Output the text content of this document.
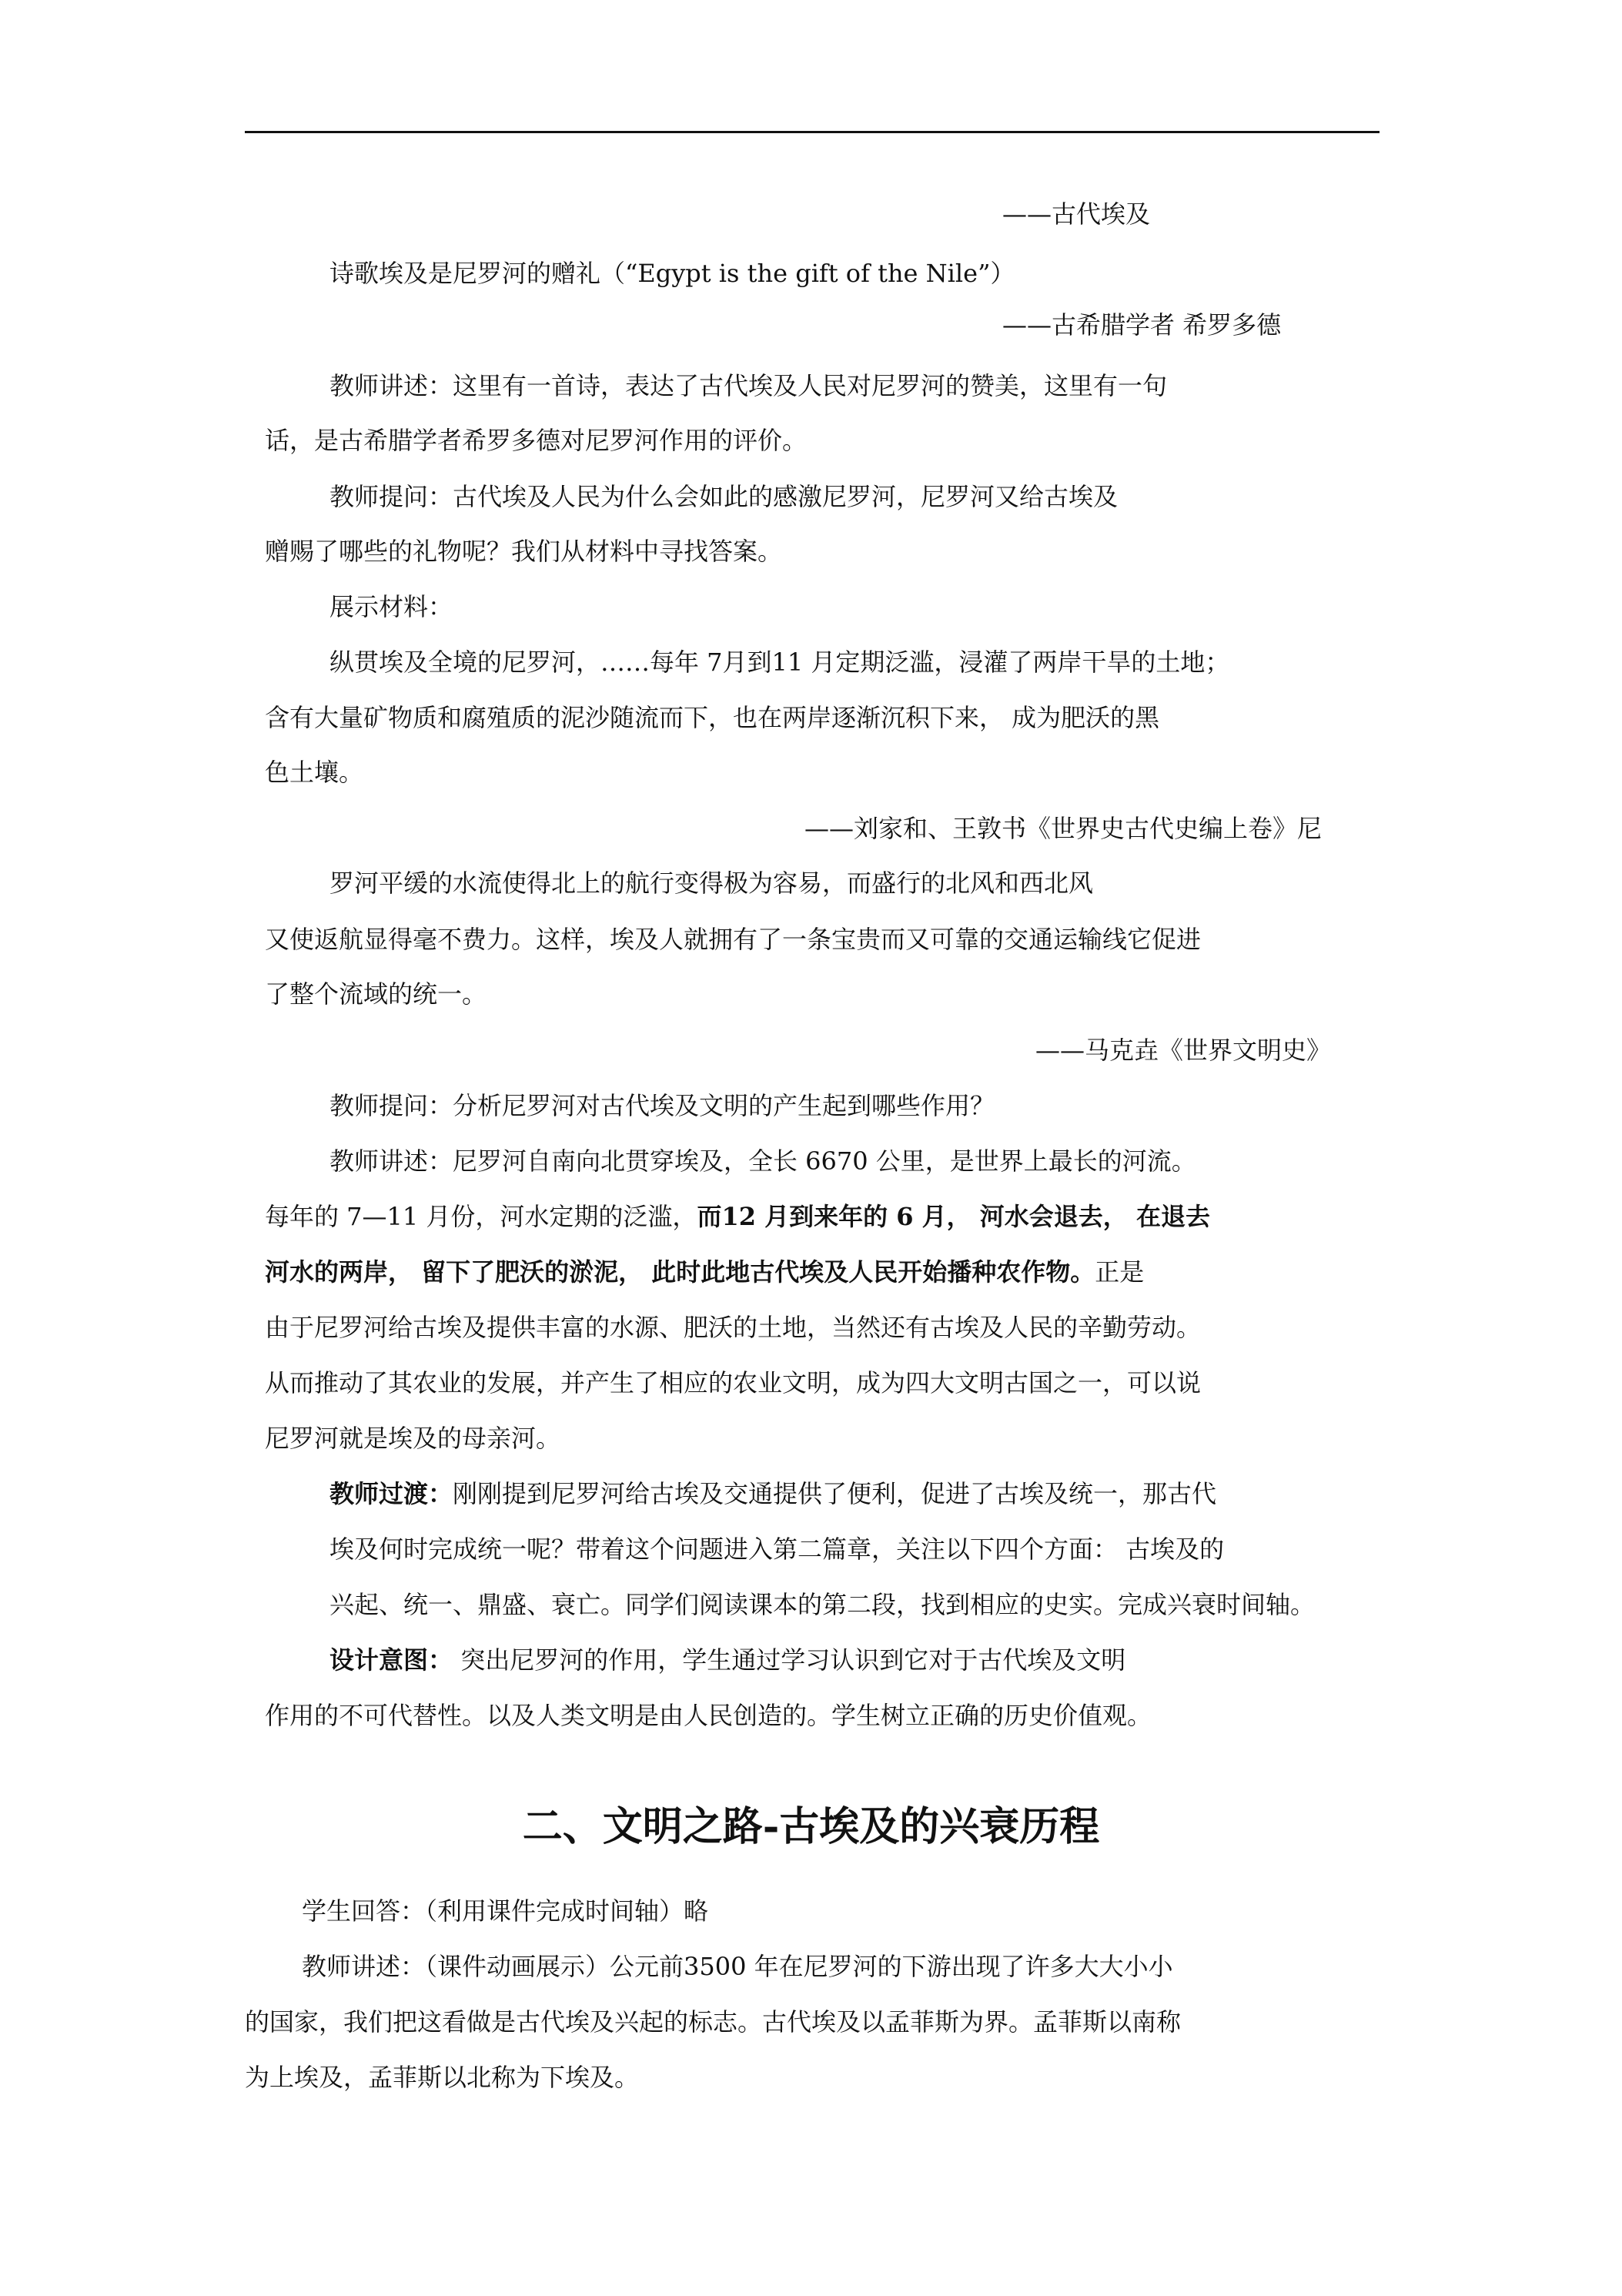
——古代埃及
诗歌埃及是尼罗河的赠礼（“Egypt is the gift of the Nile”）
——古希腊学者 希罗多德
教师讲述：这里有一首诗，表达了古代埃及人民对尼罗河的赞美，这里有一句
话，是古希腊学者希罗多德对尼罗河作用的评价。
教师提问：古代埃及人民为什么会如此的感激尼罗河，尼罗河又给古埃及
赠赐了哪些的礼物呢？我们从材料中寻找答案。
展示材料：
纵贯埃及全境的尼罗河，……每年 7月到11 月定期泛滥，浸灌了两岸干旱的土地；
含有大量矿物质和腐殖质的泥沙随流而下，也在两岸逐渐沉积下来， 成为肥沃的黑
色土壤。
——刘家和、王敦书《世界史古代史编上卷》尼
罗河平缓的水流使得北上的航行变得极为容易，而盛行的北风和西北风
又使返航显得毫不费力。这样，埃及人就拥有了一条宝贵而又可靠的交通运输线它促进
了整个流域的统一。
——马克垚《世界文明史》
教师提问：分析尼罗河对古代埃及文明的产生起到哪些作用？
教师讲述：尼罗河自南向北贯穿埃及，全长 6670 公里，是世界上最长的河流。
每年的 7—11 月份，河水定期的泛滥，而12 月到来年的 6 月， 河水会退去， 在退去
河水的两岸， 留下了肥沃的淤泥， 此时此地古代埃及人民开始播种农作物。正是
由于尼罗河给古埃及提供丰富的水源、肥沃的土地，当然还有古埃及人民的辛勤劳动。
从而推动了其农业的发展，并产生了相应的农业文明，成为四大文明古国之一，可以说
尼罗河就是埃及的母亲河。
教师过渡：刚刚提到尼罗河给古埃及交通提供了便利，促进了古埃及统一，那古代
埃及何时完成统一呢？带着这个问题进入第二篇章，关注以下四个方面： 古埃及的
兴起、统一、鼎盛、衰亡。同学们阅读课本的第二段，找到相应的史实。完成兴衰时间轴。
设计意图： 突出尼罗河的作用，学生通过学习认识到它对于古代埃及文明
作用的不可代替性。以及人类文明是由人民创造的。学生树立正确的历史价值观。
二、文明之路-古埃及的兴衰历程
学生回答：（利用课件完成时间轴）略
教师讲述：（课件动画展示）公元前3500 年在尼罗河的下游出现了许多大大小小
的国家，我们把这看做是古代埃及兴起的标志。古代埃及以孟菲斯为界。孟菲斯以南称
为上埃及，孟菲斯以北称为下埃及。
